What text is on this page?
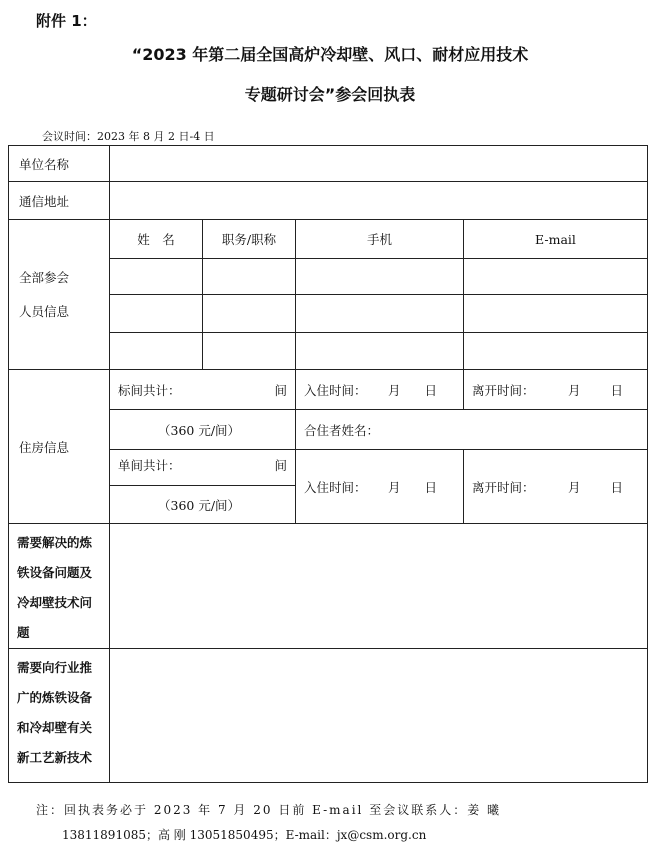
附件 1：
“2023 年第二届全国高炉冷却壁、风口、耐材应用技术
专题研讨会”参会回执表
会议时间：2023 年 8 月 2 日-4 日
单位名称				
通信地址				

全部参会
人员信息	姓　名	职务/职称	手机	E-mail

住房信息	标间共计： 间		入住时间： 月 日	离开时间： 月 日

	（360 元/间）		合住者姓名：	

	单间共计： 间		入住时间： 月 日	离开时间： 月 日

	（360 元/间）			

需要解决的炼
铁设备问题及
冷却壁技术问
题				

需要向行业推
广的炼铁设备
和冷却壁有关
新工艺新技术				

注：回执表务必于 2023 年 7 月 20 日前 E-mail 至会议联系人：姜 曦
13811891085；高 刚 13051850495；E-mail：jx@csm.org.cn
